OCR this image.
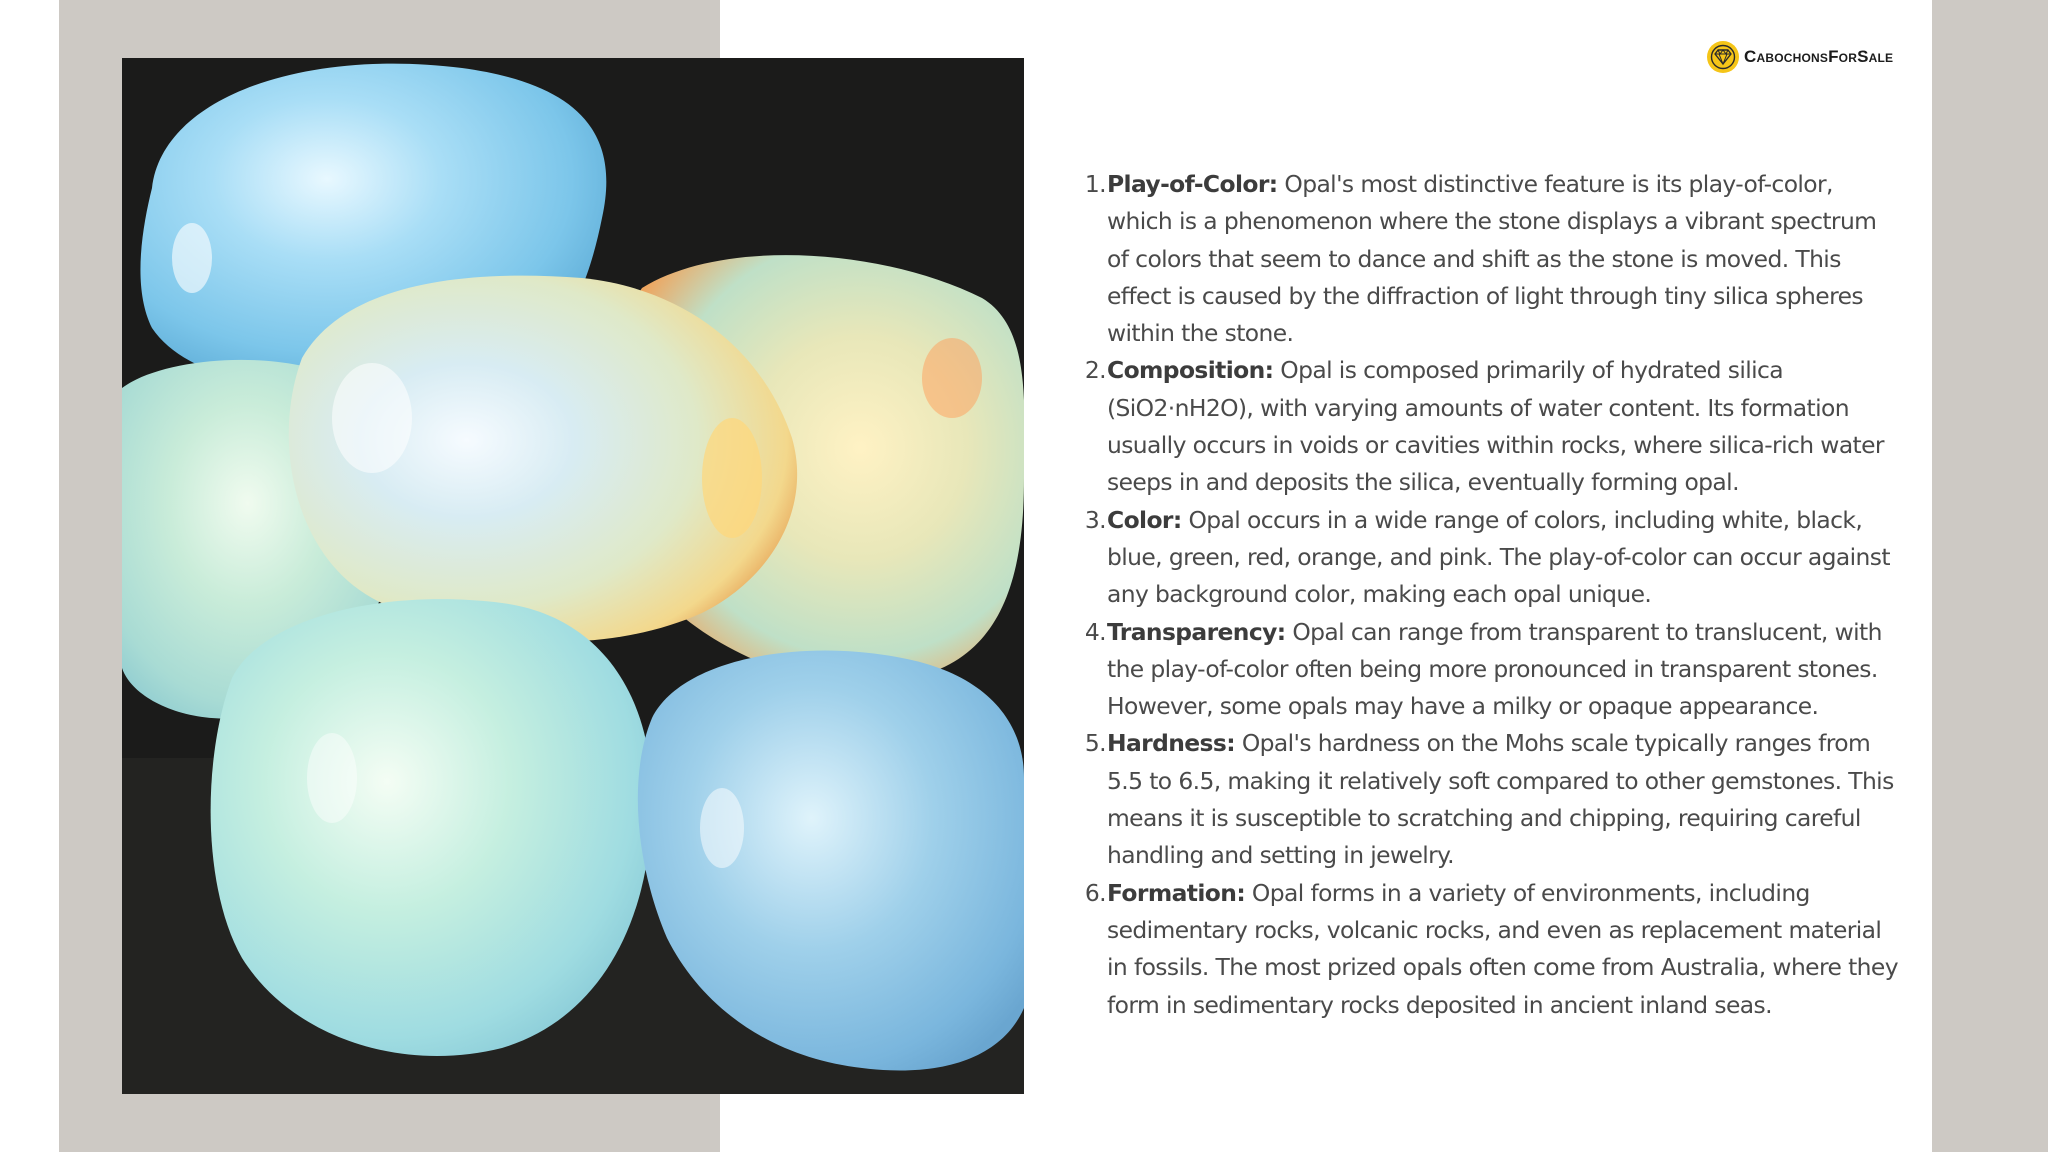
CabochonsForSale
1. Play-of-Color: Opal's most distinctive feature is its play-of-color, which is a phenomenon where the stone displays a vibrant spectrum of colors that seem to dance and shift as the stone is moved. This effect is caused by the diffraction of light through tiny silica spheres within the stone.
2. Composition: Opal is composed primarily of hydrated silica (SiO2·nH2O), with varying amounts of water content. Its formation usually occurs in voids or cavities within rocks, where silica-rich water seeps in and deposits the silica, eventually forming opal.
3. Color: Opal occurs in a wide range of colors, including white, black, blue, green, red, orange, and pink. The play-of-color can occur against any background color, making each opal unique.
4. Transparency: Opal can range from transparent to translucent, with the play-of-color often being more pronounced in transparent stones. However, some opals may have a milky or opaque appearance.
5. Hardness: Opal's hardness on the Mohs scale typically ranges from 5.5 to 6.5, making it relatively soft compared to other gemstones. This means it is susceptible to scratching and chipping, requiring careful handling and setting in jewelry.
6. Formation: Opal forms in a variety of environments, including sedimentary rocks, volcanic rocks, and even as replacement material in fossils. The most prized opals often come from Australia, where they form in sedimentary rocks deposited in ancient inland seas.
